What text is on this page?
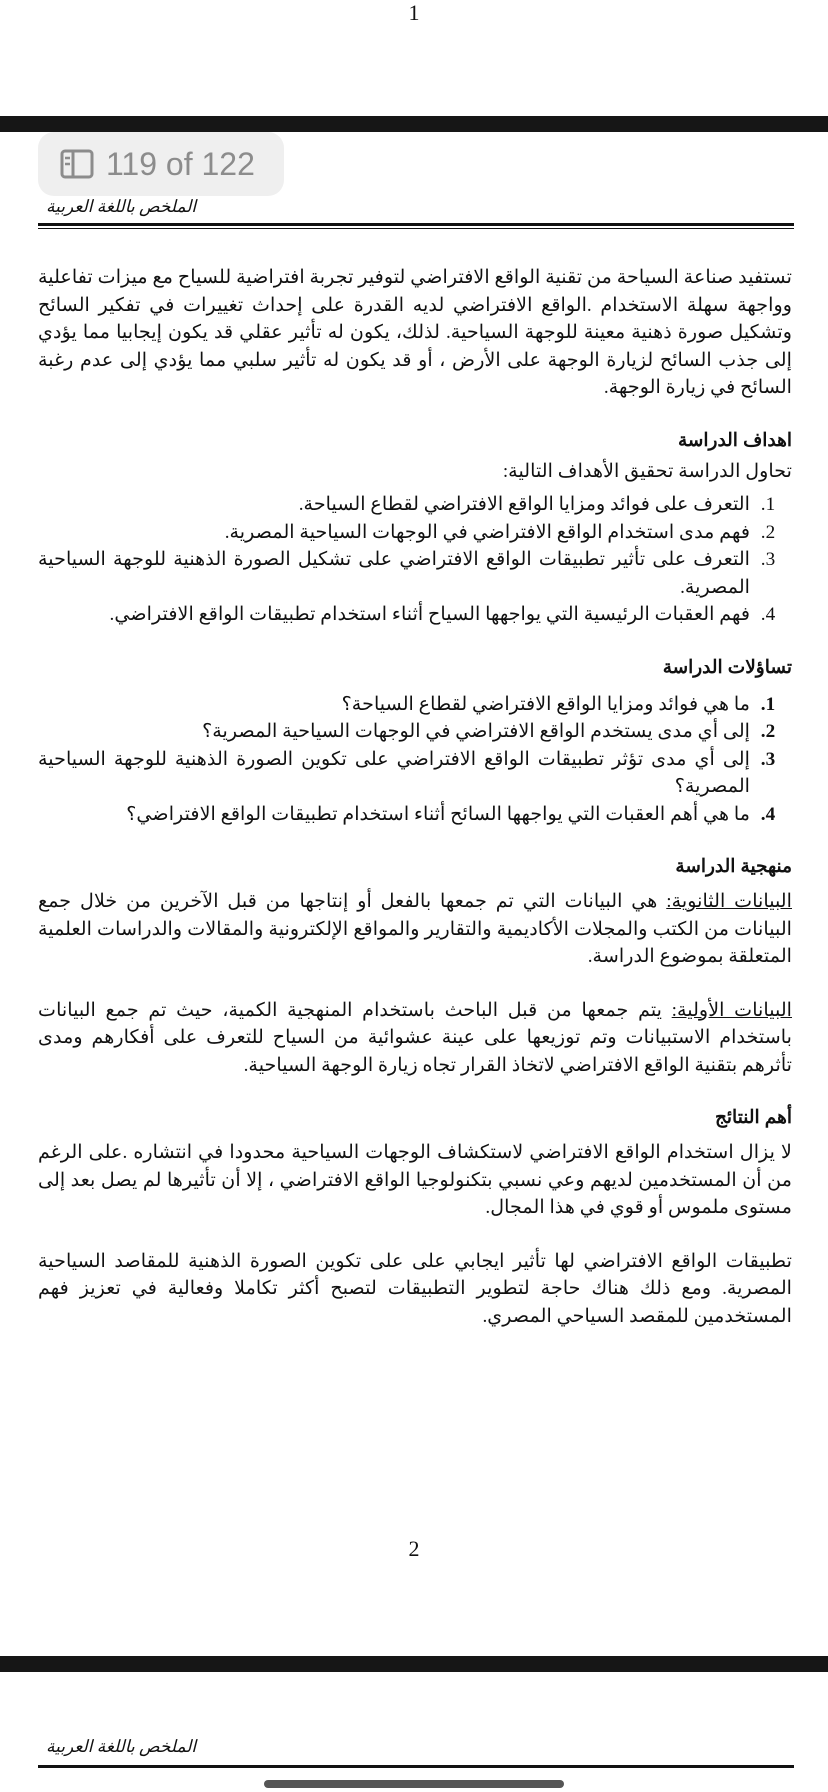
1
الملخص باللغة العربية
119 of 122

تستفيد صناعة السياحة من تقنية الواقع الافتراضي لتوفير تجربة افتراضية للسياح مع ميزات تفاعلية وواجهة سهلة الاستخدام .الواقع الافتراضي لديه القدرة على إحداث تغييرات في تفكير السائح وتشكيل صورة ذهنية معينة للوجهة السياحية. لذلك، يكون له تأثير عقلي قد يكون إيجابيا مما يؤدي إلى جذب السائح لزيارة الوجهة على الأرض ، أو قد يكون له تأثير سلبي مما يؤدي إلى عدم رغبة السائح في زيارة الوجهة.

اهداف الدراسة

تحاول الدراسة تحقيق الأهداف التالية:

1. التعرف على فوائد ومزايا الواقع الافتراضي لقطاع السياحة.
2. فهم مدى استخدام الواقع الافتراضي في الوجهات السياحية المصرية.
3. التعرف على تأثير تطبيقات الواقع الافتراضي على تشكيل الصورة الذهنية للوجهة السياحية المصرية.
4. فهم العقبات الرئيسية التي يواجهها السياح أثناء استخدام تطبيقات الواقع الافتراضي.
تساؤلات الدراسة
1. ما هي فوائد ومزايا الواقع الافتراضي لقطاع السياحة؟
2. إلى أي مدى يستخدم الواقع الافتراضي في الوجهات السياحية المصرية؟
3. إلى أي مدى تؤثر تطبيقات الواقع الافتراضي على تكوين الصورة الذهنية للوجهة السياحية المصرية؟
4. ما هي أهم العقبات التي يواجهها السائح أثناء استخدام تطبيقات الواقع الافتراضي؟
منهجية الدراسة

البيانات الثانوية: هي البيانات التي تم جمعها بالفعل أو إنتاجها من قبل الآخرين من خلال جمع البيانات من الكتب والمجلات الأكاديمية والتقارير والمواقع الإلكترونية والمقالات والدراسات العلمية المتعلقة بموضوع الدراسة.

البيانات الأولية: يتم جمعها من قبل الباحث باستخدام المنهجية الكمية، حيث تم جمع البيانات باستخدام الاستبيانات وتم توزيعها على عينة عشوائية من السياح للتعرف على أفكارهم ومدى تأثرهم بتقنية الواقع الافتراضي لاتخاذ القرار تجاه زيارة الوجهة السياحية.

أهم النتائج

لا يزال استخدام الواقع الافتراضي لاستكشاف الوجهات السياحية محدودا في انتشاره .على الرغم من أن المستخدمين لديهم وعي نسبي بتكنولوجيا الواقع الافتراضي ، إلا أن تأثيرها لم يصل بعد إلى مستوى ملموس أو قوي في هذا المجال.

تطبيقات الواقع الافتراضي لها تأثير ايجابي على على تكوين الصورة الذهنية للمقاصد السياحية المصرية. ومع ذلك هناك حاجة لتطوير التطبيقات لتصبح أكثر تكاملا وفعالية في تعزيز فهم المستخدمين للمقصد السياحي المصري.

2
الملخص باللغة العربية
